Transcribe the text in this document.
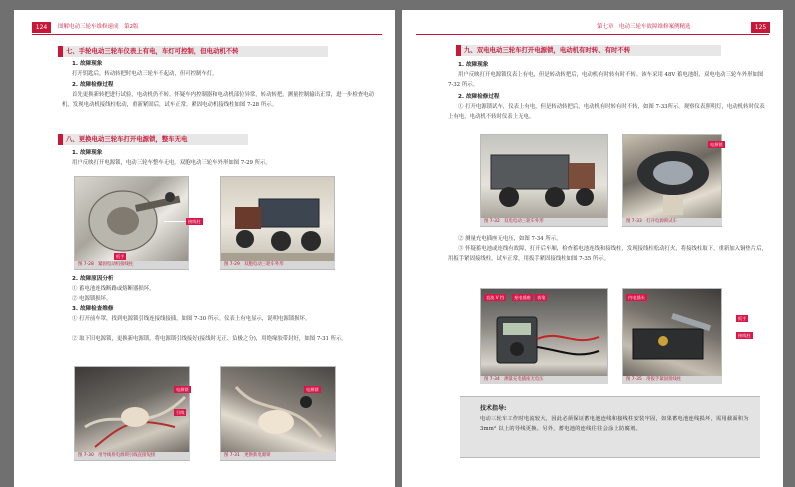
124	图解电动三轮车维修速成　第2版
七、手轮电动三轮车仪表上有电，车灯可控制，但电动机不转
1. 故障现象
打开钥匙后，转动转把时电动三轮车不起动，但可控制车灯。
2. 故障检修过程
首先更换新转把进行试验，电动机仍不转。怀疑车内控制器和电动机部位异常，转动转把，测量控制输出正常，进一步检查电动机，发现电动机接线柱松动，重新紧固后，试车正常。紧固电动机接线柱如图 7-28 所示。
八、更换电动三轮车打开电源锁，整车无电
1. 故障现象
用户反映打开电源锁，电动三轮车整车无电。双胞电动三轮车外形如图 7-29 所示。
接线柱
扳手
图 7-28　紧固电动机接线柱	图 7-29　双胞电动三轮车外形
2. 故障原因分析
① 蓄电池连线断路或熔断器损坏。
② 电源锁损坏。
3. 故障检查维修
① 打开前车罩，找到电源锁引线连接线接插，如图 7-30 所示。仪表上有电显示，说明电源锁损坏。
② 取下旧电源锁，更换新电源锁，将电源锁引线接好(接线时无正、负极之分)，用绝缘胶带封好，如图 7-31 所示。
电源锁
引线
图 7-30　用导线将电源锁引线直接短接
电源锁
图 7-31　更换新电源锁
第七章　电动三轮车故障维修案例精选	125
九、双电电动三轮车打开电源锁，电动机有时转、有时不转
1. 故障现象
用户反映打开电源锁仪表上有电，但是转动转把后，电动机有时转有时不转。该车采用 48V 蓄电池组，双电电动三轮车外形如图 7-32 所示。
2. 故障检修过程
① 打开电源锁试车，仪表上有电，但是转动转把后，电动机有时转有时不转，如图 7-33所示。观察仪表照明灯，电动机转时仪表上有电，电动机不转时仪表上无电。
图 7-32　双电电动三轮车外形
电源锁
图 7-33　打开电源锁试车
② 测量充电插座无电压，如图 7-34 所示。
③ 怀疑蓄电池或连线有故障，打开后车厢，检查蓄电池连线和接线柱，发现接线柱松动打火，将接线柱取下，重新加入铜垫片后，用扳手紧固接线柱，试车正常，用扳手紧固接线柱如图 7-35 所示。
直流 V 挡	充电插座	表笔
图 7-34　测量充电插座无电压
内电插头
扳手
接线柱
图 7-35　用扳手紧固接线柱
技术指导:
电动三轮车工作时电流较大，因此必须保证蓄电池连线和接线柱安装牢固，如果蓄电池连线损坏，需用截面积为 3mm² 以上的导线更换。另外，蓄电池的连线往往会涂上防腐剂。
